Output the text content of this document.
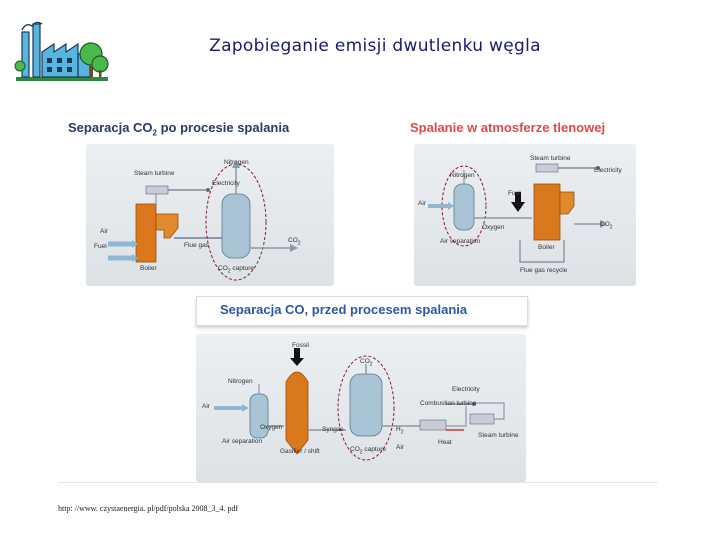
Zapobieganie emisji dwutlenku węgla
Separacja $CO_2$ po procesie spalania
Nitrogen
Steam turbine
Electricity
Air
Fuel	Flue gas
$CO_2$
Boiler	$CO_2$ capture
Spalanie w atmosferze tlenowej
Steam turbine
Electricity
Nitrogen
Fuel
Air
Oxygen
Air separation
$CO_2$
Boiler
Flue gas recycle
Separacja CO, przed procesem spalania
Fossil
$CO_2$
Nitrogen
Electricity
Air	Combustion turbine
Oxygen	Syngas	$H_2$
Heat
Steam turbine
Air separation
Air
Gasifier / shift	$CO_2$ capture
http: //www. czystaenergia. pl/pdf/polska 2008_3_4. pdf
